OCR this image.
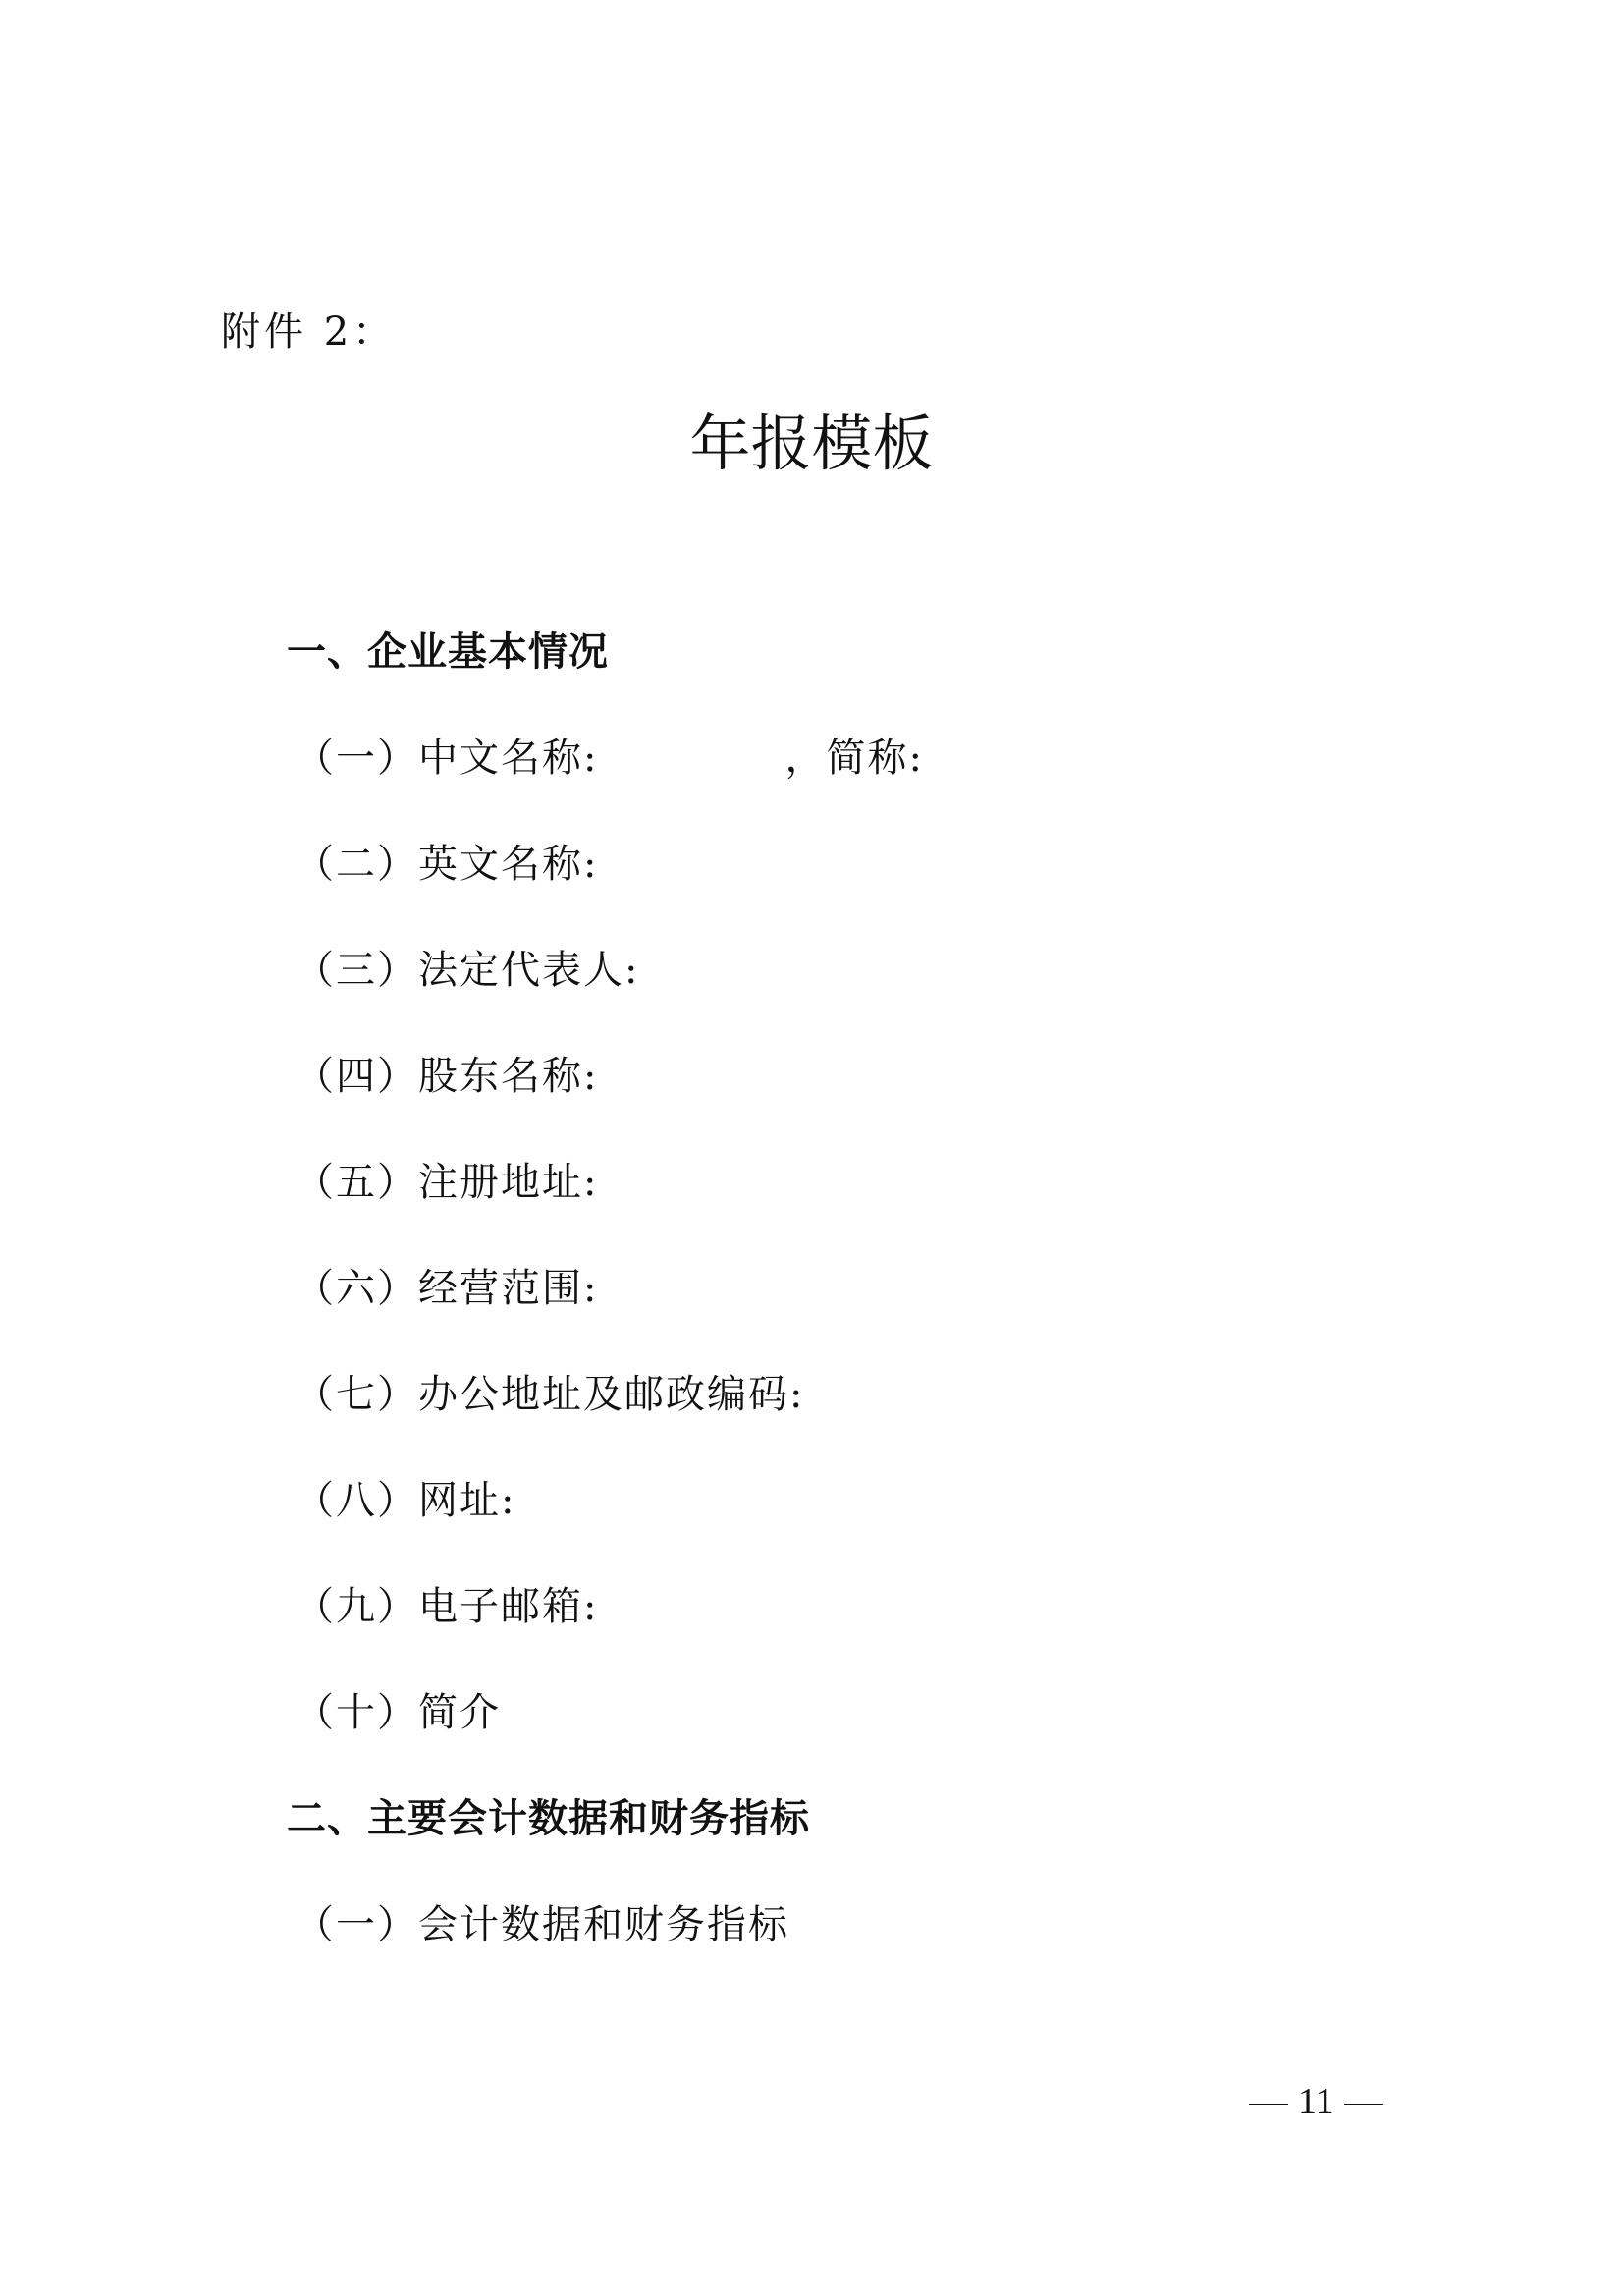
附件 2：
年报模板
一、企业基本情况
（一）中文名称:	，简称:
（二）英文名称:
（三）法定代表人:
（四）股东名称:
（五）注册地址:
（六）经营范围:
（七）办公地址及邮政编码:
（八）网址:
（九）电子邮箱:
（十）简介
二、主要会计数据和财务指标
（一）会计数据和财务指标
11
